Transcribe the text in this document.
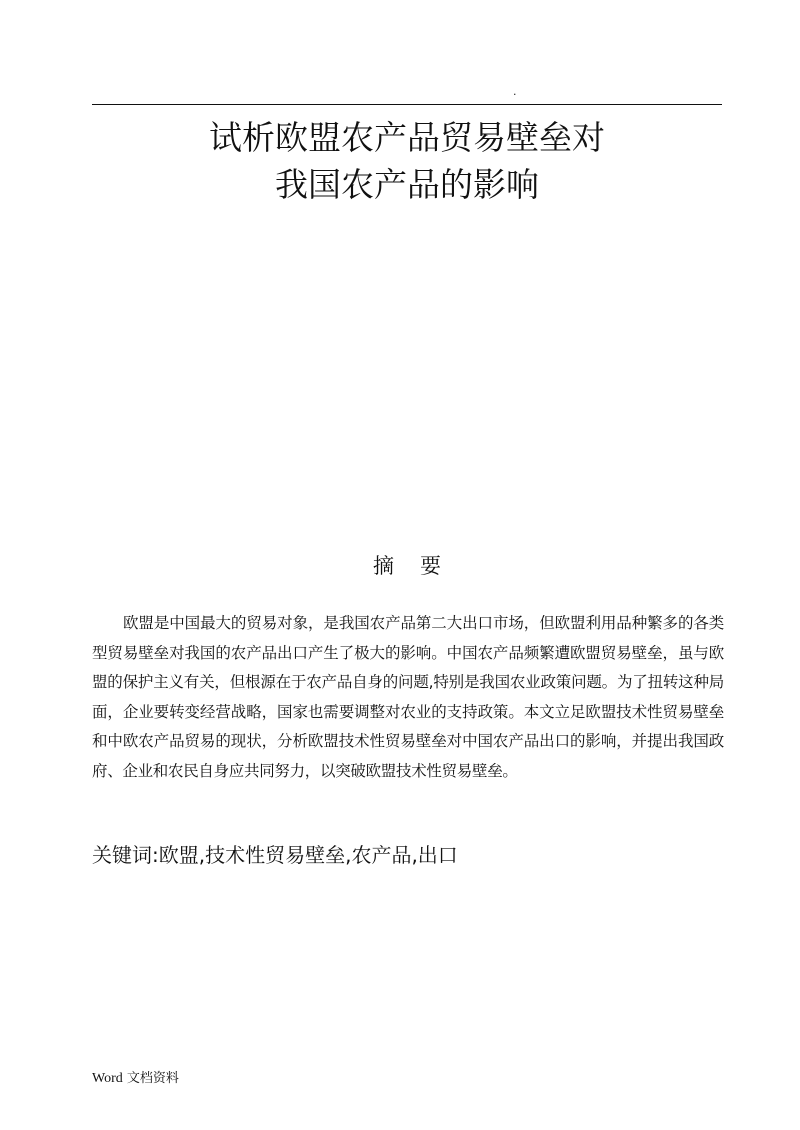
.
试析欧盟农产品贸易壁垒对
我国农产品的影响
摘 要

欧盟是中国最大的贸易对象，是我国农产品第二大出口市场，但欧盟利用品种繁多的各类型贸易壁垒对我国的农产品出口产生了极大的影响。中国农产品频繁遭欧盟贸易壁垒，虽与欧盟的保护主义有关，但根源在于农产品自身的问题,特别是我国农业政策问题。为了扭转这种局面，企业要转变经营战略，国家也需要调整对农业的支持政策。本文立足欧盟技术性贸易壁垒和中欧农产品贸易的现状，分析欧盟技术性贸易壁垒对中国农产品出口的影响，并提出我国政府、企业和农民自身应共同努力，以突破欧盟技术性贸易壁垒。

关键词:欧盟,技术性贸易壁垒,农产品,出口

Word 文档资料
